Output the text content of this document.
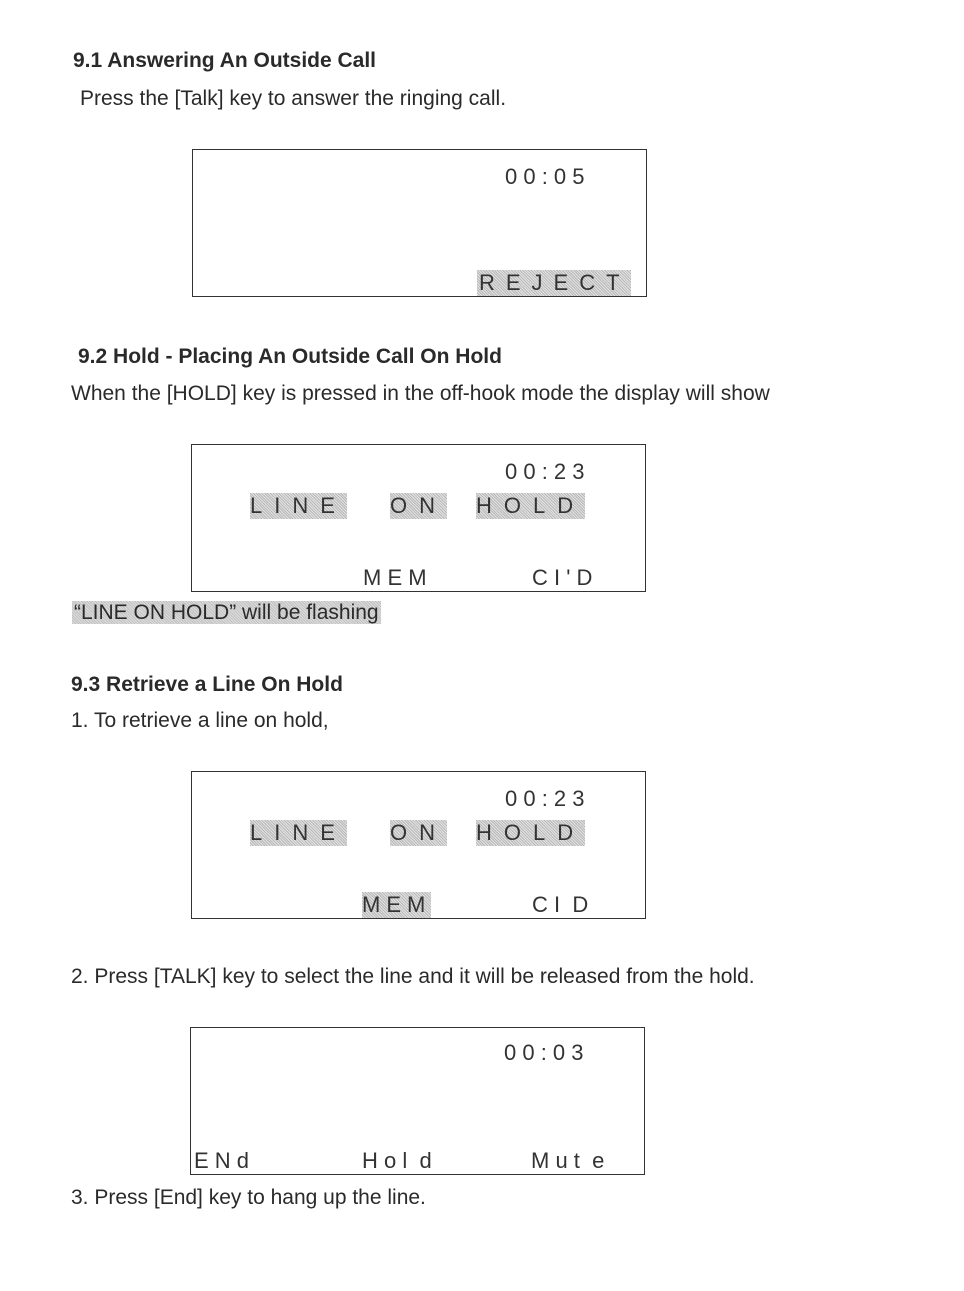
9.1 Answering An Outside Call
Press the [Talk] key to answer the ringing call.
0 0 : 0 5
REJECT
9.2 Hold - Placing An Outside Call On Hold
When the [HOLD] key is pressed in the off-hook mode the display will show
0 0 : 2 3
LINE ON HOLD
M E M	C I ' D
“LINE ON HOLD” will be flashing
9.3 Retrieve a Line On Hold
1. To retrieve a line on hold,
0 0 : 2 3
LINE ON HOLD
MEM	C I  D
2. Press [TALK] key to select the line and it will be released from the hold.
0 0 : 0 3
E N d	H o l  d	M u t  e
3. Press [End] key to hang up the line.
